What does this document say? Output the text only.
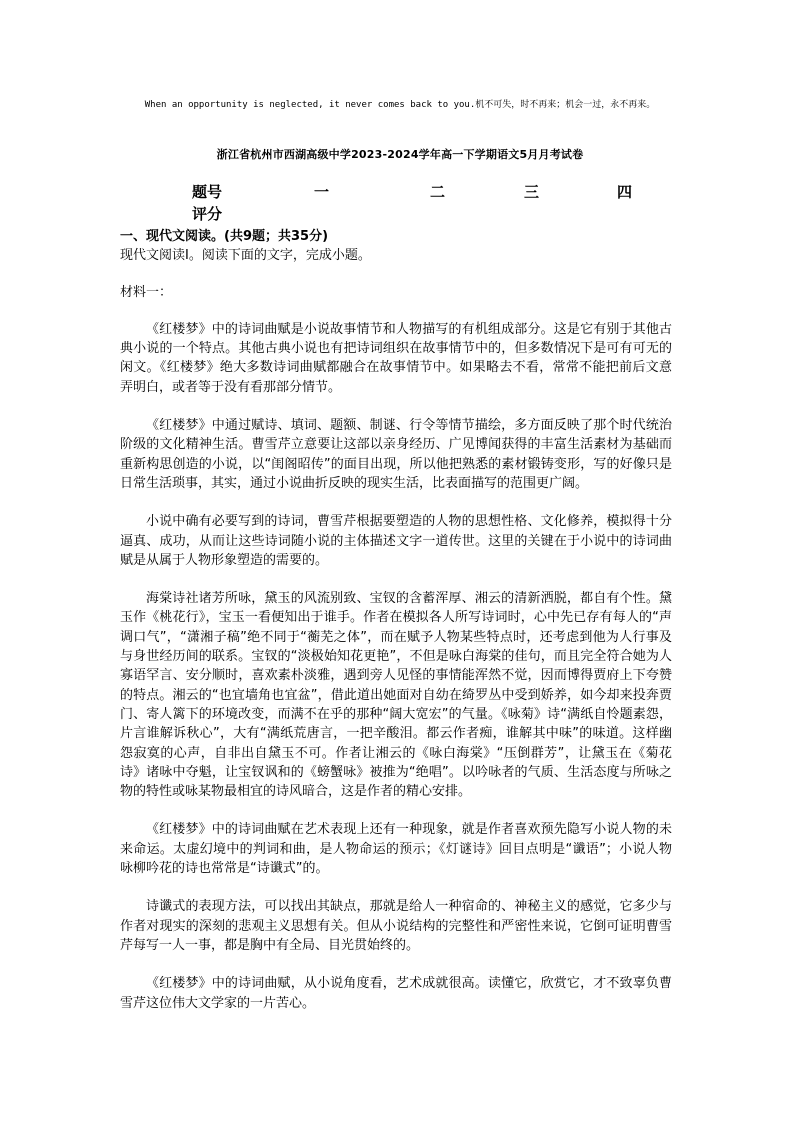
When an opportunity is neglected, it never comes back to you.机不可失，时不再来；机会一过，永不再来。
浙江省杭州市西湖高级中学2023-2024学年高一下学期语文5月月考试卷
题号	一	二	三	四
评分

一、现代文阅读。(共9题；共35分)

现代文阅读Ⅰ。阅读下面的文字，完成小题。

材料一：

《红楼梦》中的诗词曲赋是小说故事情节和人物描写的有机组成部分。这是它有别于其他古典小说的一个特点。其他古典小说也有把诗词组织在故事情节中的，但多数情况下是可有可无的闲文。《红楼梦》绝大多数诗词曲赋都融合在故事情节中。如果略去不看，常常不能把前后文意弄明白，或者等于没有看那部分情节。

《红楼梦》中通过赋诗、填词、题额、制谜、行令等情节描绘，多方面反映了那个时代统治阶级的文化精神生活。曹雪芹立意要让这部以亲身经历、广见博闻获得的丰富生活素材为基础而重新构思创造的小说，以“闺阁昭传”的面目出现，所以他把熟悉的素材锻铸变形，写的好像只是日常生活琐事，其实，通过小说曲折反映的现实生活，比表面描写的范围更广阔。

小说中确有必要写到的诗词，曹雪芹根据要塑造的人物的思想性格、文化修养，模拟得十分逼真、成功，从而让这些诗词随小说的主体描述文字一道传世。这里的关键在于小说中的诗词曲赋是从属于人物形象塑造的需要的。

海棠诗社诸芳所咏，黛玉的风流别致、宝钗的含蓄浑厚、湘云的清新洒脱，都自有个性。黛玉作《桃花行》，宝玉一看便知出于谁手。作者在模拟各人所写诗词时，心中先已存有每人的“声调口气”，“潇湘子稿”绝不同于“蘅芜之体”，而在赋予人物某些特点时，还考虑到他为人行事及与身世经历间的联系。宝钗的“淡极始知花更艳”，不但是咏白海棠的佳句，而且完全符合她为人寡语罕言、安分顺时，喜欢素朴淡雅，遇到旁人见怪的事情能浑然不觉，因而博得贾府上下夸赞的特点。湘云的“也宜墙角也宜盆”，借此道出她面对自幼在绮罗丛中受到娇养，如今却来投奔贾门、寄人篱下的环境改变，而满不在乎的那种“阔大宽宏”的气量。《咏菊》诗“满纸自怜题素怨，片言谁解诉秋心”，大有“满纸荒唐言，一把辛酸泪。都云作者痴，谁解其中味”的味道。这样幽怨寂寞的心声，自非出自黛玉不可。作者让湘云的《咏白海棠》“压倒群芳”，让黛玉在《菊花诗》诸咏中夺魁，让宝钗讽和的《螃蟹咏》被推为“绝唱”。以吟咏者的气质、生活态度与所咏之物的特性或咏某物最相宜的诗风暗合，这是作者的精心安排。

《红楼梦》中的诗词曲赋在艺术表现上还有一种现象，就是作者喜欢预先隐写小说人物的未来命运。太虚幻境中的判词和曲，是人物命运的预示；《灯谜诗》回目点明是“谶语”；小说人物咏柳吟花的诗也常常是“诗谶式”的。

诗谶式的表现方法，可以找出其缺点，那就是给人一种宿命的、神秘主义的感觉，它多少与作者对现实的深刻的悲观主义思想有关。但从小说结构的完整性和严密性来说，它倒可证明曹雪芹每写一人一事，都是胸中有全局、目光贯始终的。

《红楼梦》中的诗词曲赋，从小说角度看，艺术成就很高。读懂它，欣赏它，才不致辜负曹雪芹这位伟大文学家的一片苦心。
